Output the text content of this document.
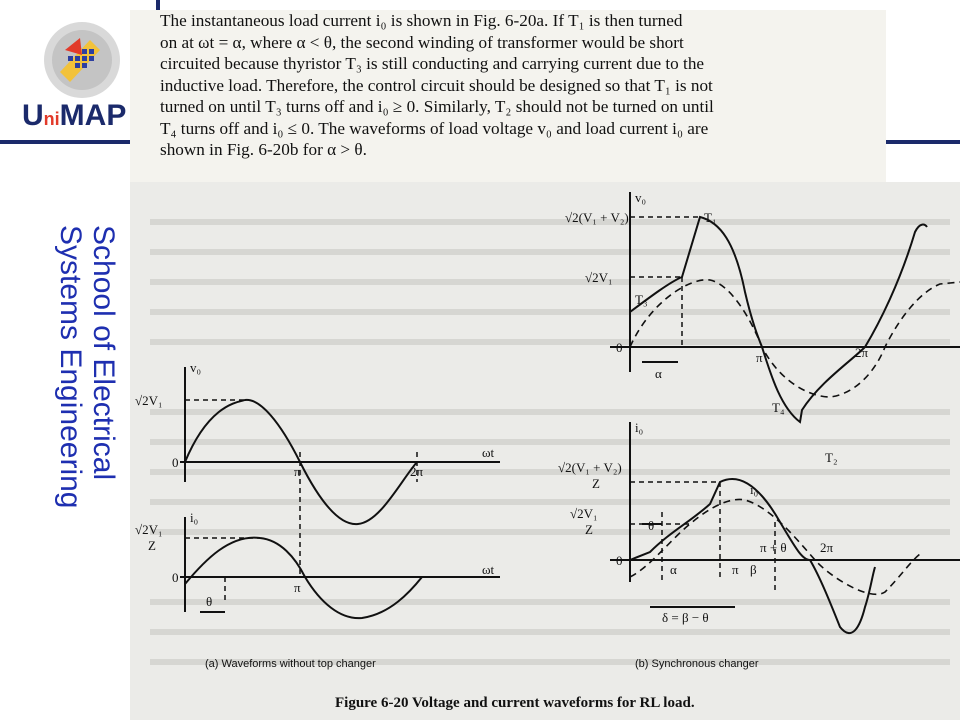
UniMAP
School of Electrical
Systems Engineering

The instantaneous load current i₀ is shown in Fig. 6-20a. If T₁ is then turned

on at ωt = α, where α < θ, the second winding of transformer would be short

circuited because thyristor T₃ is still conducting and carrying current due to the

inductive load. Therefore, the control circuit should be designed so that T₁ is not

turned on until T₃ turns off and i₀ ≥ 0. Similarly, T₂ should not be turned on until

T₄ turns off and i₀ ≤ 0. The waveforms of load voltage v₀ and load current i₀ are

shown in Fig. 6-20b for α > θ.

v₀
√2V₁
0
ωt
π	2π
i₀
√2V₁
Z
0
ωt
π
θ
(a) Waveforms without top changer
v₀
√2(V₁ + V₂)
√2V₁
0
α
π	2π
T₁
T₃
T₄
T₂
i₀
√2(V₁ + V₂)
Z
√2V₁
Z	θ
i₀
0
α	π β
π + θ	2π
δ = β − θ
(b) Synchronous changer
Figure 6-20 Voltage and current waveforms for RL load.
